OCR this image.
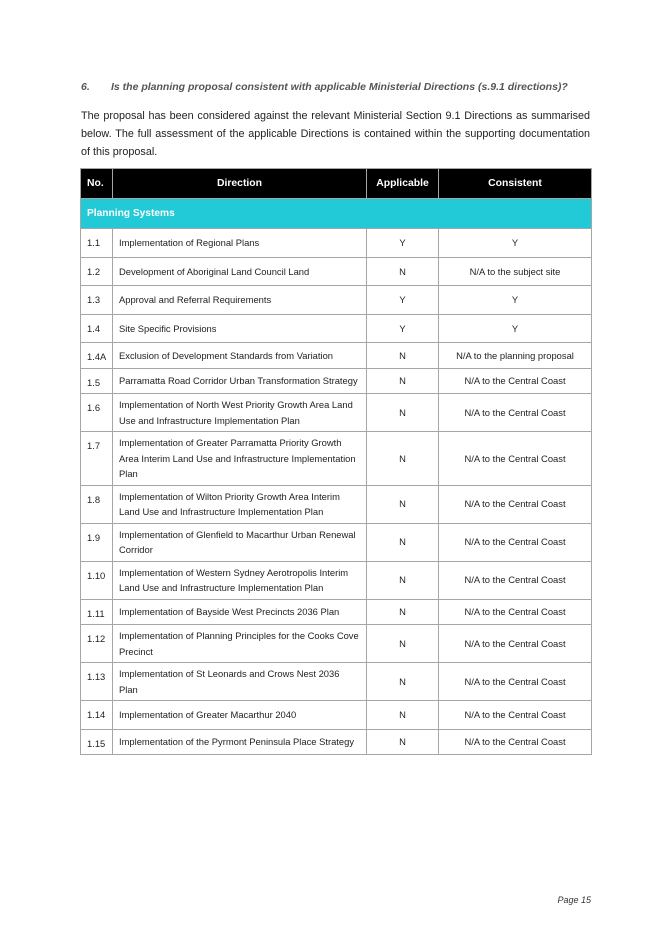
6. Is the planning proposal consistent with applicable Ministerial Directions (s.9.1 directions)?

The proposal has been considered against the relevant Ministerial Section 9.1 Directions as summarised below. The full assessment of the applicable Directions is contained within the supporting documentation of this proposal.

No.	Direction	Applicable	Consistent
Planning Systems			
1.1	Implementation of Regional Plans	Y	Y
1.2	Development of Aboriginal Land Council Land	N	N/A to the subject site
1.3	Approval and Referral Requirements	Y	Y
1.4	Site Specific Provisions	Y	Y
1.4A	Exclusion of Development Standards from Variation	N	N/A to the planning proposal
1.5	Parramatta Road Corridor Urban Transformation Strategy	N	N/A to the Central Coast
1.6	Implementation of North West Priority Growth Area Land Use and Infrastructure Implementation Plan	N	N/A to the Central Coast
1.7	Implementation of Greater Parramatta Priority Growth Area Interim Land Use and Infrastructure Implementation Plan	N	N/A to the Central Coast
1.8	Implementation of Wilton Priority Growth Area Interim Land Use and Infrastructure Implementation Plan	N	N/A to the Central Coast
1.9	Implementation of Glenfield to Macarthur Urban Renewal Corridor	N	N/A to the Central Coast
1.10	Implementation of Western Sydney Aerotropolis Interim Land Use and Infrastructure Implementation Plan	N	N/A to the Central Coast
1.11	Implementation of Bayside West Precincts 2036 Plan	N	N/A to the Central Coast
1.12	Implementation of Planning Principles for the Cooks Cove Precinct	N	N/A to the Central Coast
1.13	Implementation of St Leonards and Crows Nest 2036 Plan	N	N/A to the Central Coast
1.14	Implementation of Greater Macarthur 2040	N	N/A to the Central Coast
1.15	Implementation of the Pyrmont Peninsula Place Strategy	N	N/A to the Central Coast
Page 15
